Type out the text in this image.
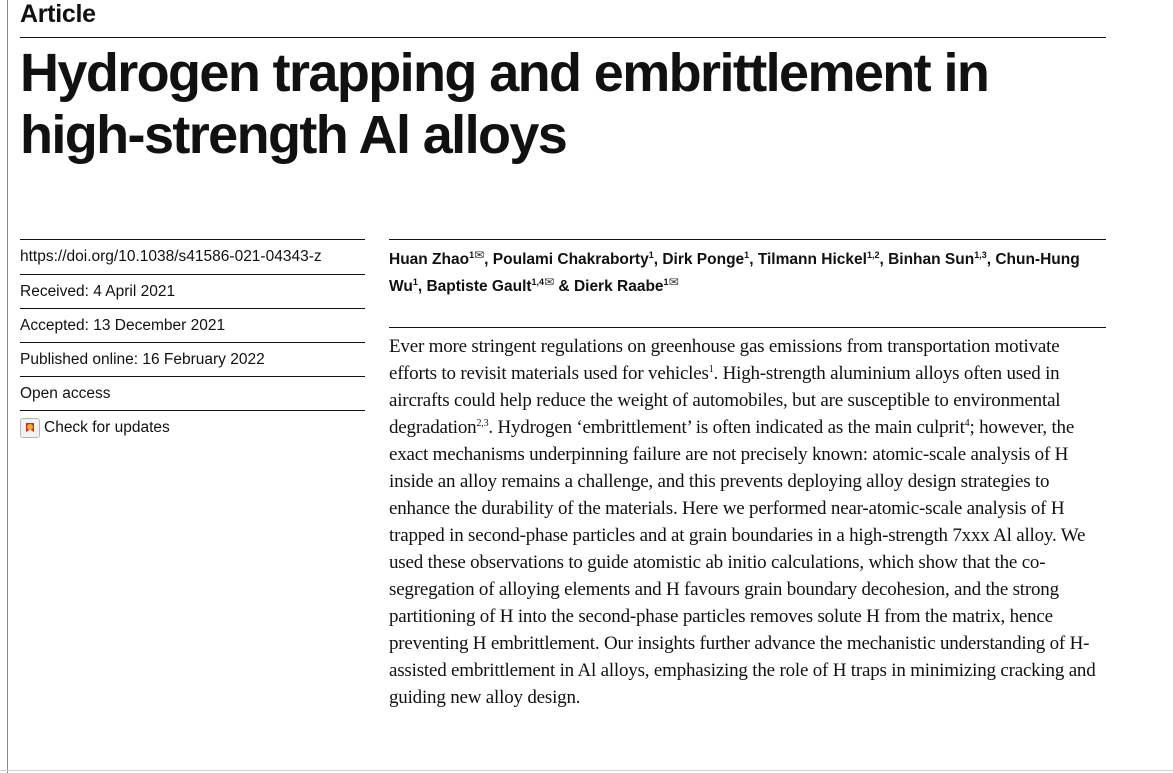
Article
Hydrogen trapping and embrittlement in high-strength Al alloys
https://doi.org/10.1038/s41586-021-04343-z
Received: 4 April 2021
Accepted: 13 December 2021
Published online: 16 February 2022
Open access
Check for updates
Huan Zhao$^{1✉}$, Poulami Chakraborty$^1$, Dirk Ponge$^1$, Tilmann Hickel$^{1,2}$, Binhan Sun$^{1,3}$, Chun-Hung Wu$^1$, Baptiste Gault$^{1,4✉}$ & Dierk Raabe$^{1✉}$

Ever more stringent regulations on greenhouse gas emissions from transportation motivate efforts to revisit materials used for vehicles$^1$. High-strength aluminium alloys often used in aircrafts could help reduce the weight of automobiles, but are susceptible to environmental degradation$^{2,3}$. Hydrogen ‘embrittlement’ is often indicated as the main culprit$^4$; however, the exact mechanisms underpinning failure are not precisely known: atomic-scale analysis of H inside an alloy remains a challenge, and this prevents deploying alloy design strategies to enhance the durability of the materials. Here we performed near-atomic-scale analysis of H trapped in second-phase particles and at grain boundaries in a high-strength 7xxx Al alloy. We used these observations to guide atomistic ab initio calculations, which show that the co-segregation of alloying elements and H favours grain boundary decohesion, and the strong partitioning of H into the second-phase particles removes solute H from the matrix, hence preventing H embrittlement. Our insights further advance the mechanistic understanding of H-assisted embrittlement in Al alloys, emphasizing the role of H traps in minimizing cracking and guiding new alloy design.
